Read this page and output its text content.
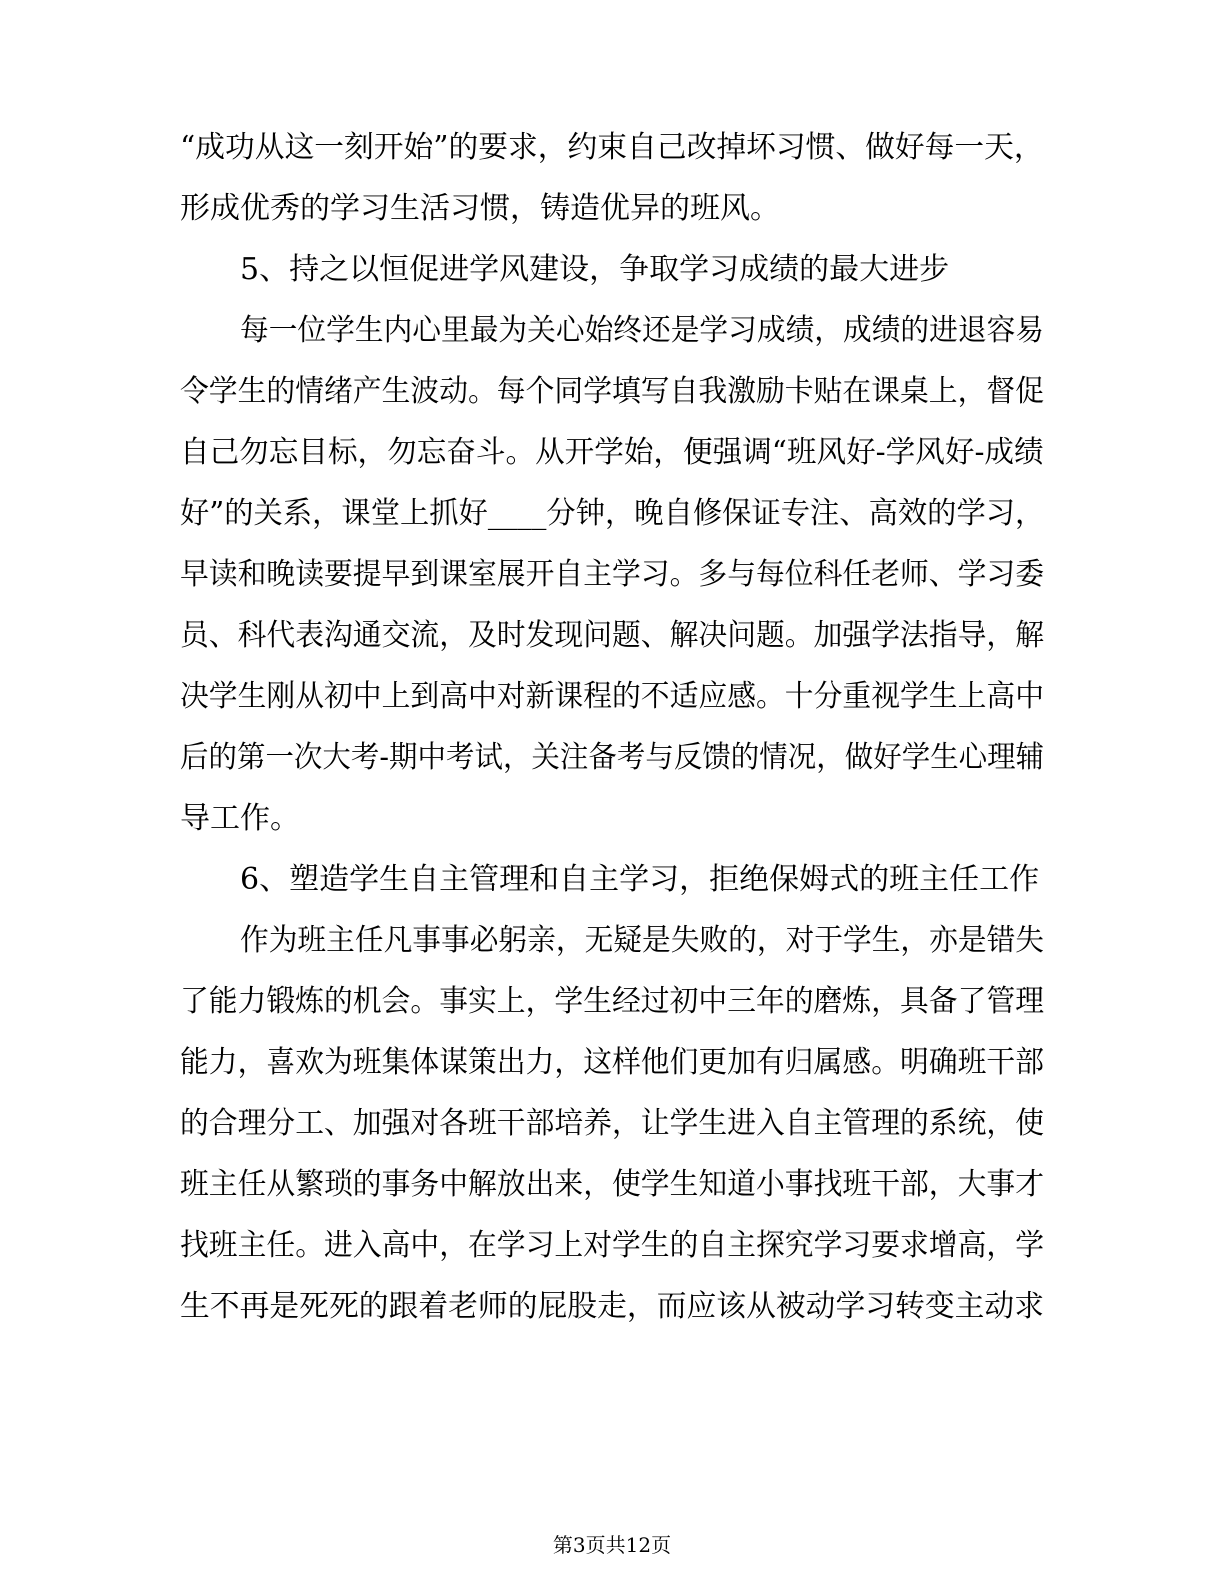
“成功从这一刻开始”的要求，约束自己改掉坏习惯、做好每一天，
形成优秀的学习生活习惯，铸造优异的班风。
5、持之以恒促进学风建设，争取学习成绩的最大进步
每一位学生内心里最为关心始终还是学习成绩，成绩的进退容易
令学生的情绪产生波动。每个同学填写自我激励卡贴在课桌上，督促
自己勿忘目标，勿忘奋斗。从开学始，便强调“班风好-学风好-成绩
好”的关系，课堂上抓好____分钟，晚自修保证专注、高效的学习，
早读和晚读要提早到课室展开自主学习。多与每位科任老师、学习委
员、科代表沟通交流，及时发现问题、解决问题。加强学法指导，解
决学生刚从初中上到高中对新课程的不适应感。十分重视学生上高中
后的第一次大考-期中考试，关注备考与反馈的情况，做好学生心理辅
导工作。
6、塑造学生自主管理和自主学习，拒绝保姆式的班主任工作
作为班主任凡事事必躬亲，无疑是失败的，对于学生，亦是错失
了能力锻炼的机会。事实上，学生经过初中三年的磨炼，具备了管理
能力，喜欢为班集体谋策出力，这样他们更加有归属感。明确班干部
的合理分工、加强对各班干部培养，让学生进入自主管理的系统，使
班主任从繁琐的事务中解放出来，使学生知道小事找班干部，大事才
找班主任。进入高中，在学习上对学生的自主探究学习要求增高，学
生不再是死死的跟着老师的屁股走，而应该从被动学习转变主动求
第3页共12页
